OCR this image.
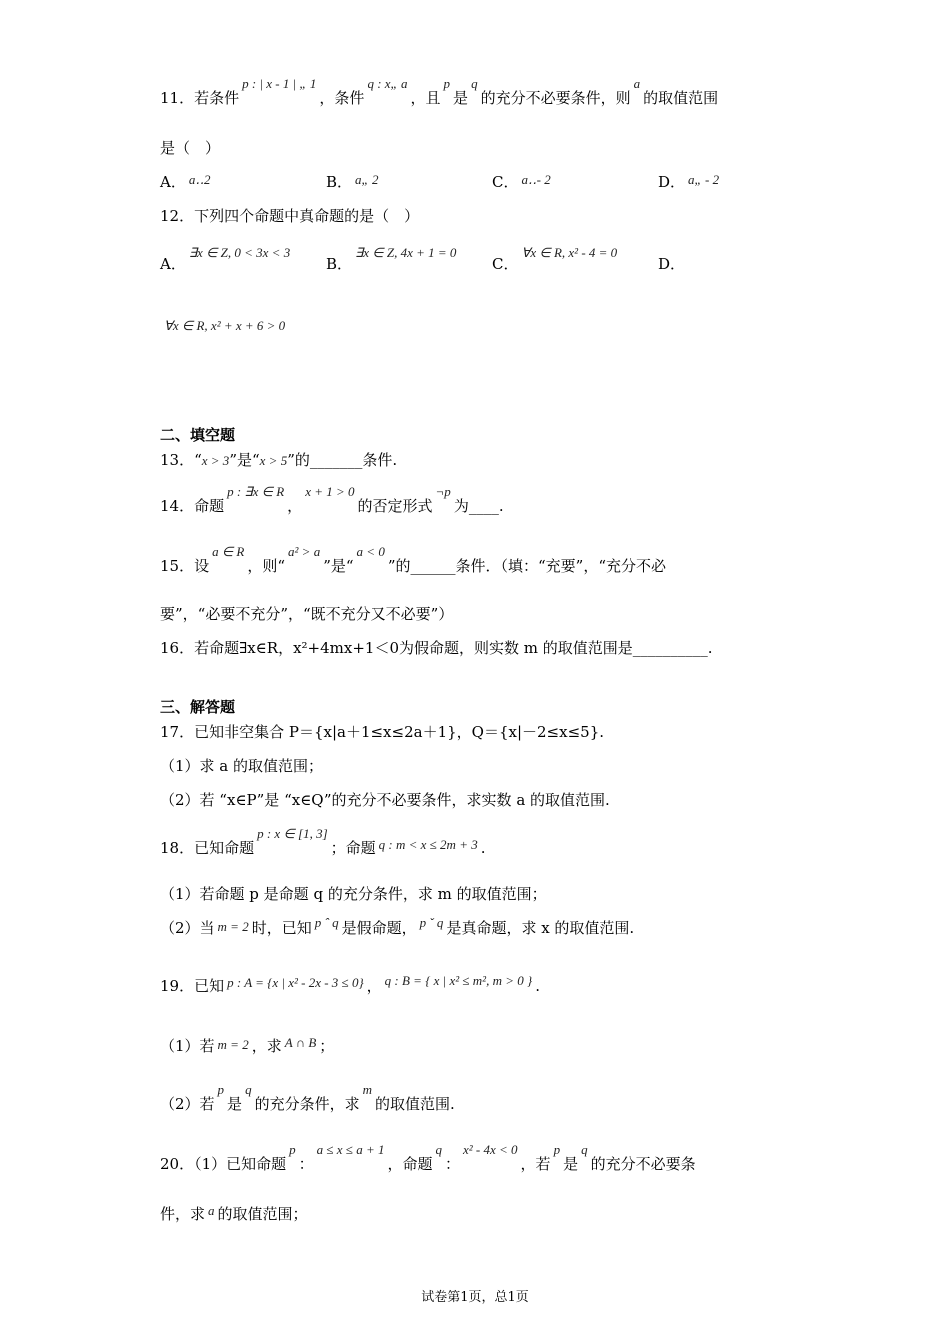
11．若条件p : | x - 1 | „ 1，条件q : x„ a，且p是q的充分不必要条件，则a的取值范围
是（　）
A． a‥2	B． a„ 2	C． a‥- 2	D． a„ - 2
12．下列四个命题中真命题的是（　）
A．∃x ∈ Z, 0 < 3x < 3
B．∃x ∈ Z, 4x + 1 = 0
C．∀x ∈ R, x² - 4 = 0
D．
∀x ∈ R, x² + x + 6 > 0
二、填空题
13．“x > 3”是“x > 5”的_______条件.
14．命题p : ∃x ∈ R，x + 1 > 0的否定形式¬p为____.
15．设a ∈ R，则“a² > a”是“a < 0”的______条件．（填：“充要”，“充分不必
要”，“必要不充分”，“既不充分又不必要”）
16．若命题∃x∈R，x²+4mx+1＜0为假命题，则实数 m 的取值范围是__________.
三、解答题
17．已知非空集合 P＝{x|a＋1≤x≤2a＋1}，Q＝{x|－2≤x≤5}.
（1）求 a 的取值范围；
（2）若 “x∈P”是 “x∈Q”的充分不必要条件，求实数 a 的取值范围.
18．已知命题p : x ∈ [1, 3]；命题 q : m < x ≤ 2m + 3 .
（1）若命题 p 是命题 q 的充分条件，求 m 的取值范围；
（2）当 m = 2 时，已知 p ˆ q 是假命题， p ˇ q 是真命题，求 x 的取值范围.
19．已知 p : A = {x | x² - 2x - 3 ≤ 0} ， q : B = { x | x² ≤ m², m > 0 } .
（1）若 m = 2 ，求 A ∩ B ；
（2）若p是q的充分条件，求m的取值范围.
20．（1）已知命题p：a ≤ x ≤ a + 1，命题q：x² - 4x < 0，若p是q的充分不必要条
件，求 a 的取值范围；
试卷第1页，总1页
